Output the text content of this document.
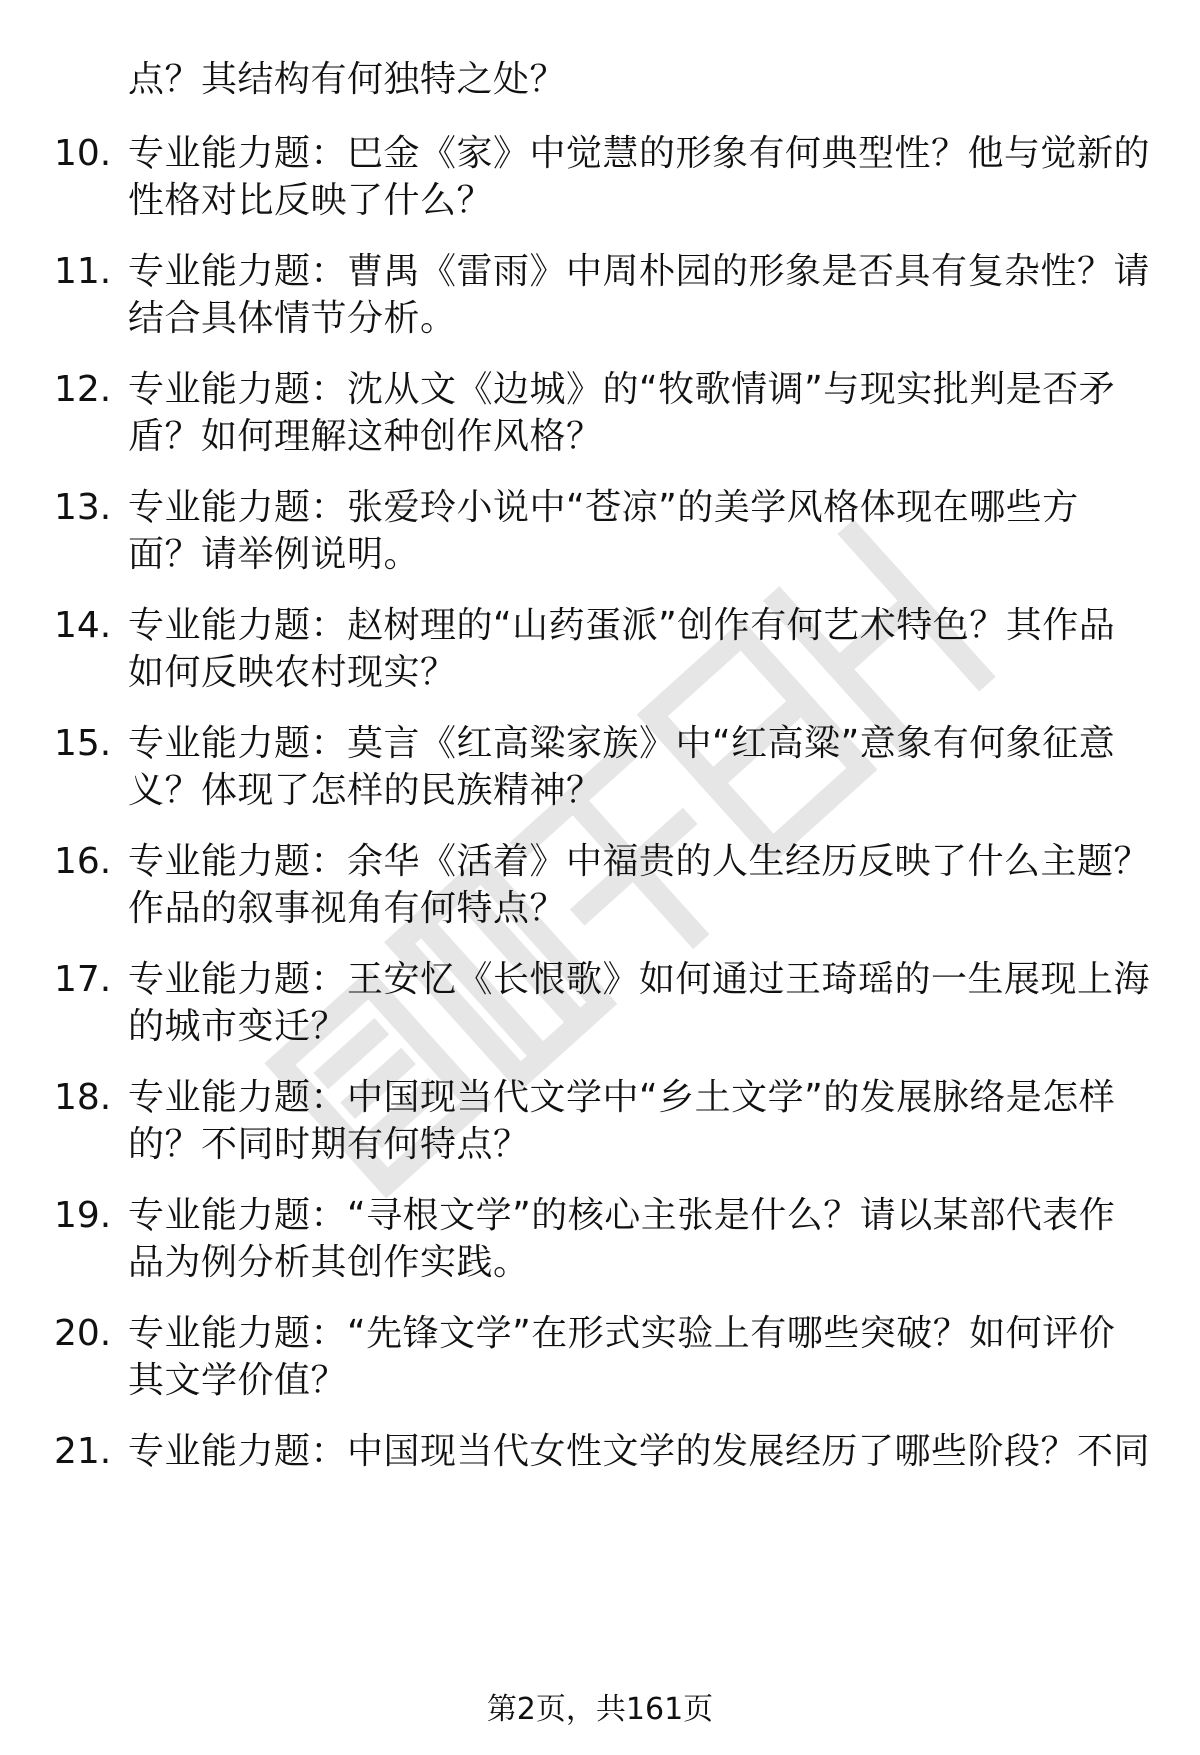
点？其结构有何独特之处？
10. 专业能力题：巴金《家》中觉慧的形象有何典型性？他与觉新的
性格对比反映了什么？
11. 专业能力题：曹禺《雷雨》中周朴园的形象是否具有复杂性？请
结合具体情节分析。
12. 专业能力题：沈从文《边城》的“牧歌情调”与现实批判是否矛
盾？如何理解这种创作风格？
13. 专业能力题：张爱玲小说中“苍凉”的美学风格体现在哪些方
面？请举例说明。
14. 专业能力题：赵树理的“山药蛋派”创作有何艺术特色？其作品
如何反映农村现实？
15. 专业能力题：莫言《红高粱家族》中“红高粱”意象有何象征意
义？体现了怎样的民族精神？
16. 专业能力题：余华《活着》中福贵的人生经历反映了什么主题？
作品的叙事视角有何特点？
17. 专业能力题：王安忆《长恨歌》如何通过王琦瑶的一生展现上海
的城市变迁？
18. 专业能力题：中国现当代文学中“乡土文学”的发展脉络是怎样
的？不同时期有何特点？
19. 专业能力题：“寻根文学”的核心主张是什么？请以某部代表作
品为例分析其创作实践。
20. 专业能力题：“先锋文学”在形式实验上有哪些突破？如何评价
其文学价值？
21. 专业能力题：中国现当代女性文学的发展经历了哪些阶段？不同
第2页，共161页
